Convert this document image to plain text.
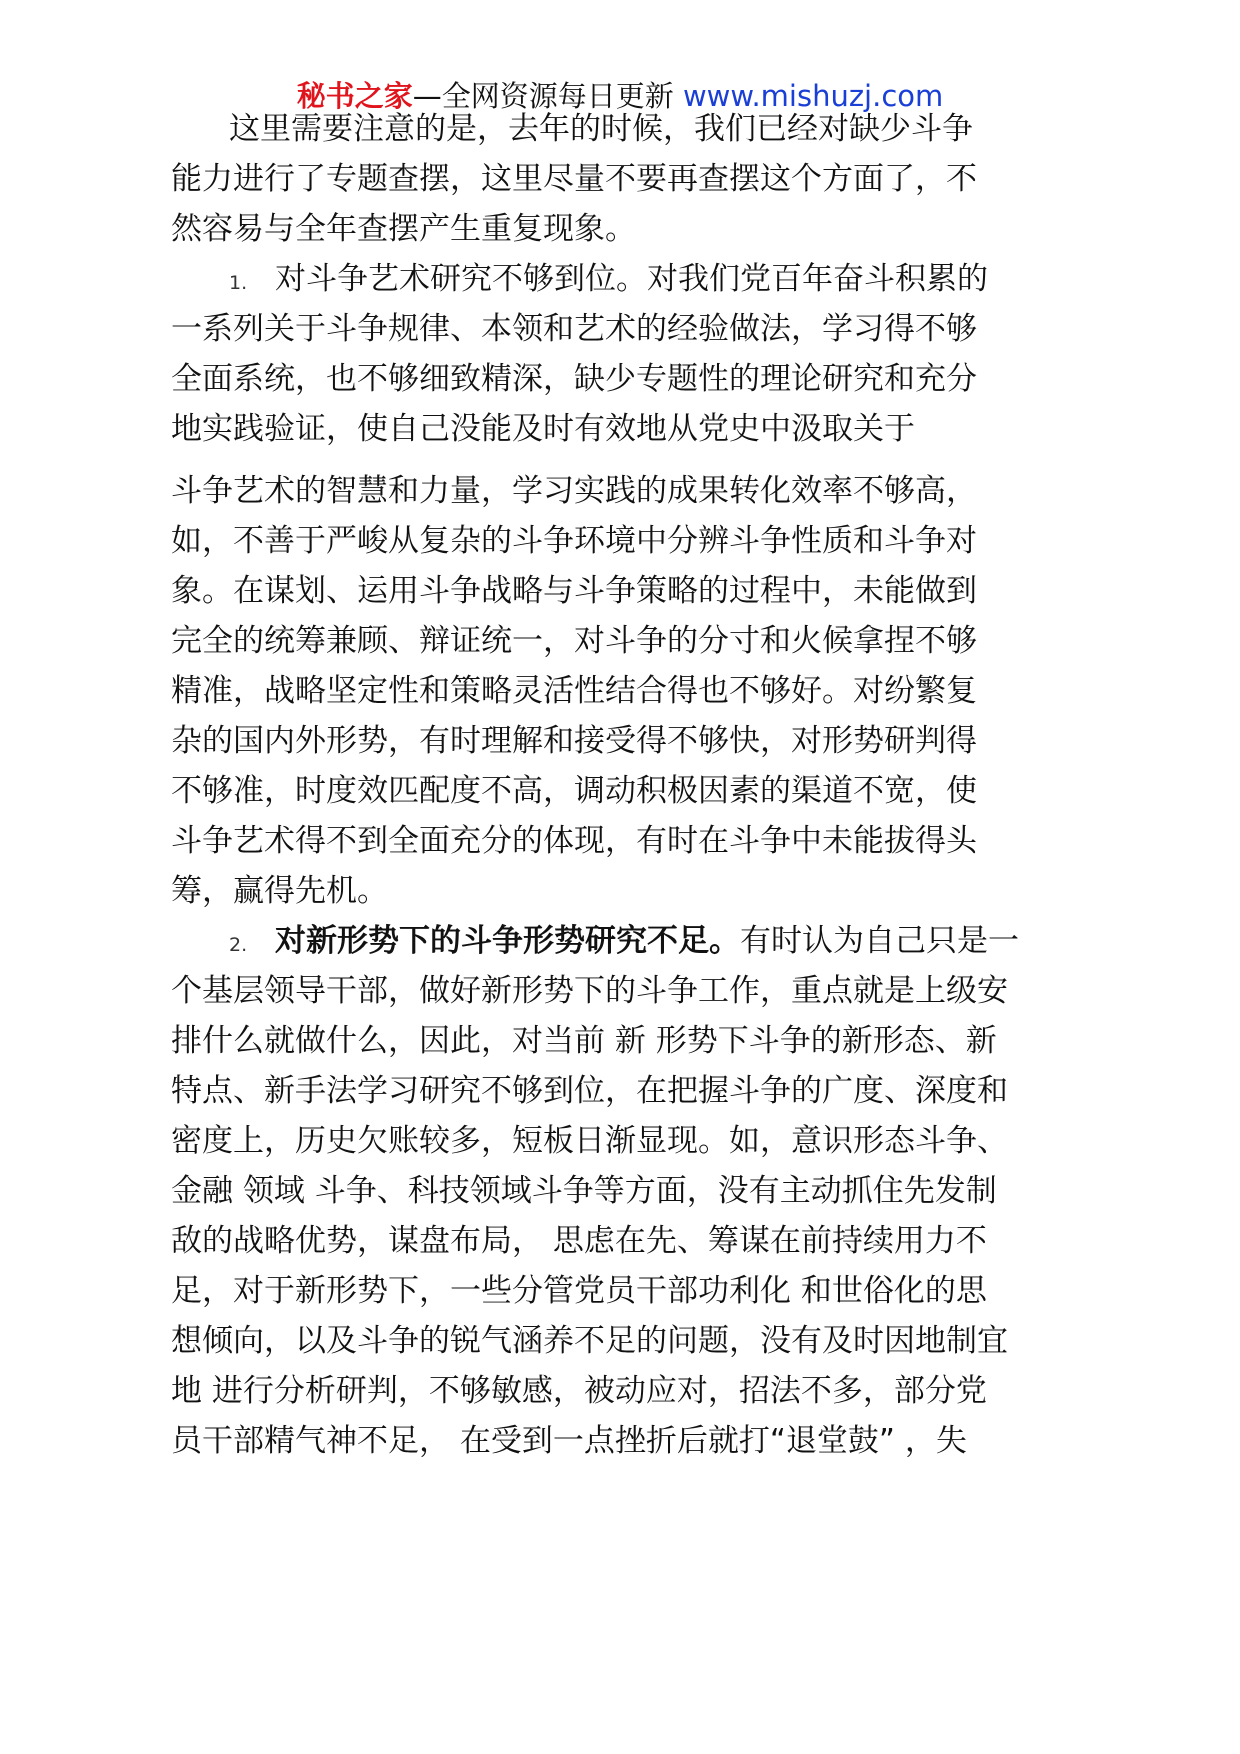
秘书之家—全网资源每日更新 www.mishuzj.com
这里需要注意的是，去年的时候，我们已经对缺少斗争
能力进行了专题查摆，这里尽量不要再查摆这个方面了，不
然容易与全年查摆产生重复现象。
1. 对斗争艺术研究不够到位。对我们党百年奋斗积累的
一系列关于斗争规律、本领和艺术的经验做法，学习得不够
全面系统，也不够细致精深，缺少专题性的理论研究和充分
地实践验证，使自己没能及时有效地从党史中汲取关于
斗争艺术的智慧和力量，学习实践的成果转化效率不够高，
如，不善于严峻从复杂的斗争环境中分辨斗争性质和斗争对
象。在谋划、运用斗争战略与斗争策略的过程中，未能做到
完全的统筹兼顾、辩证统一，对斗争的分寸和火候拿捏不够
精准，战略坚定性和策略灵活性结合得也不够好。对纷繁复
杂的国内外形势，有时理解和接受得不够快，对形势研判得
不够准，时度效匹配度不高，调动积极因素的渠道不宽，使
斗争艺术得不到全面充分的体现，有时在斗争中未能拔得头
筹，赢得先机。
2. 对新形势下的斗争形势研究不足。有时认为自己只是一
个基层领导干部，做好新形势下的斗争工作，重点就是上级安
排什么就做什么，因此，对当前 新 形势下斗争的新形态、新
特点、新手法学习研究不够到位，在把握斗争的广度、深度和
密度上，历史欠账较多，短板日渐显现。如，意识形态斗争、
金融 领域 斗争、科技领域斗争等方面，没有主动抓住先发制
敌的战略优势，谋盘布局， 思虑在先、筹谋在前持续用力不
足，对于新形势下，一些分管党员干部功利化 和世俗化的思
想倾向，以及斗争的锐气涵养不足的问题，没有及时因地制宜
地 进行分析研判，不够敏感，被动应对，招法不多，部分党
员干部精气神不足， 在受到一点挫折后就打“退堂鼓” ，失
